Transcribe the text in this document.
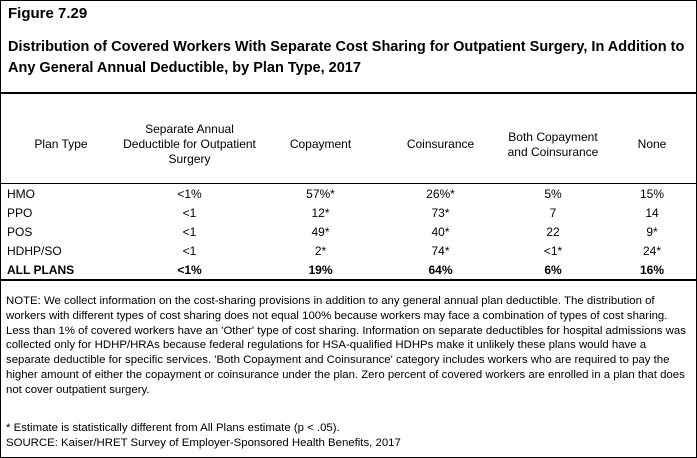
Figure 7.29
Distribution of Covered Workers With Separate Cost Sharing for Outpatient Surgery, In Addition to Any General Annual Deductible, by Plan Type, 2017
Plan Type	Separate Annual Deductible for Outpatient Surgery	Copayment	Coinsurance	Both Copayment and Coinsurance	None
HMO	<1%	57%*	26%*	5%	15%
PPO	<1	12*	73*	7	14
POS	<1	49*	40*	22	9*
HDHP/SO	<1	2*	74*	<1*	24*
ALL PLANS	<1%	19%	64%	6%	16%
NOTE: We collect information on the cost-sharing provisions in addition to any general annual plan deductible. The distribution of workers with different types of cost sharing does not equal 100% because workers may face a combination of types of cost sharing. Less than 1% of covered workers have an 'Other' type of cost sharing. Information on separate deductibles for hospital admissions was collected only for HDHP/HRAs because federal regulations for HSA-qualified HDHPs make it unlikely these plans would have a separate deductible for specific services. 'Both Copayment and Coinsurance' category includes workers who are required to pay the higher amount of either the copayment or coinsurance under the plan. Zero percent of covered workers are enrolled in a plan that does not cover outpatient surgery.
* Estimate is statistically different from All Plans estimate (p < .05).
SOURCE: Kaiser/HRET Survey of Employer-Sponsored Health Benefits, 2017
